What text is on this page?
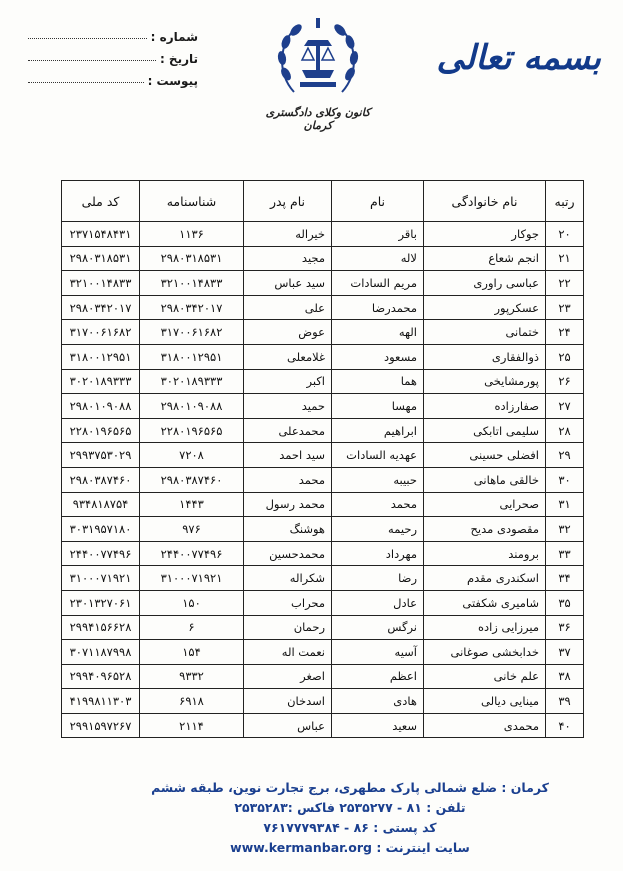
شماره :
تاریخ :
پیوست :
کانون وکلای دادگستری کرمان
بسمه تعالی
رتبه	نام خانوادگی	نام	نام پدر	شناسنامه	کد ملی
۲۰	جوکار	باقر	خیراله	۱۱۳۶	۲۳۷۱۵۴۸۴۳۱
۲۱	انجم شعاع	لاله	مجید	۲۹۸۰۳۱۸۵۳۱	۲۹۸۰۳۱۸۵۳۱
۲۲	عباسی راوری	مریم السادات	سید عباس	۳۲۱۰۰۱۴۸۳۳	۳۲۱۰۰۱۴۸۳۳
۲۳	عسکرپور	محمدرضا	علی	۲۹۸۰۳۴۲۰۱۷	۲۹۸۰۳۴۲۰۱۷
۲۴	ختمانی	الهه	عوض	۳۱۷۰۰۶۱۶۸۲	۳۱۷۰۰۶۱۶۸۲
۲۵	ذوالفقاری	مسعود	غلامعلی	۳۱۸۰۰۱۲۹۵۱	۳۱۸۰۰۱۲۹۵۱
۲۶	پورمشایخی	هما	اکبر	۳۰۲۰۱۸۹۳۳۳	۳۰۲۰۱۸۹۳۳۳
۲۷	صفارزاده	مهسا	حمید	۲۹۸۰۱۰۹۰۸۸	۲۹۸۰۱۰۹۰۸۸
۲۸	سلیمی اتابکی	ابراهیم	محمدعلی	۲۲۸۰۱۹۶۵۶۵	۲۲۸۰۱۹۶۵۶۵
۲۹	افضلی حسینی	عهدیه السادات	سید احمد	۷۲۰۸	۲۹۹۳۷۵۳۰۲۹
۳۰	خالقی ماهانی	حبیبه	محمد	۲۹۸۰۳۸۷۴۶۰	۲۹۸۰۳۸۷۴۶۰
۳۱	صحرایی	محمد	محمد رسول	۱۴۴۳	۹۳۴۸۱۸۷۵۴
۳۲	مقصودی مدیح	رحیمه	هوشنگ	۹۷۶	۳۰۳۱۹۵۷۱۸۰
۳۳	برومند	مهرداد	محمدحسین	۲۴۴۰۰۷۷۴۹۶	۲۴۴۰۰۷۷۴۹۶
۳۴	اسکندری مقدم	رضا	شکراله	۳۱۰۰۰۷۱۹۲۱	۳۱۰۰۰۷۱۹۲۱
۳۵	شامیری شکفتی	عادل	محراب	۱۵۰	۲۳۰۱۳۲۷۰۶۱
۳۶	میرزایی زاده	نرگس	رحمان	۶	۲۹۹۴۱۵۶۶۲۸
۳۷	خدابخشی صوغانی	آسیه	نعمت اله	۱۵۴	۳۰۷۱۱۸۷۹۹۸
۳۸	علم خانی	اعظم	اصغر	۹۳۳۲	۲۹۹۴۰۹۶۵۲۸
۳۹	مینایی دیالی	هادی	اسدخان	۶۹۱۸	۴۱۹۹۸۱۱۳۰۳
۴۰	محمدی	سعید	عباس	۲۱۱۴	۲۹۹۱۵۹۷۲۶۷
کرمان : ضلع شمالی پارک مطهری، برج تجارت نوین، طبقه ششم
تلفن : ۸۱ - ۲۵۳۵۲۷۷ فاکس :۲۵۳۵۲۸۳
کد پستی : ۸۶ - ۷۶۱۷۷۷۹۳۸۴
سایت اینترنت : www.kermanbar.org
